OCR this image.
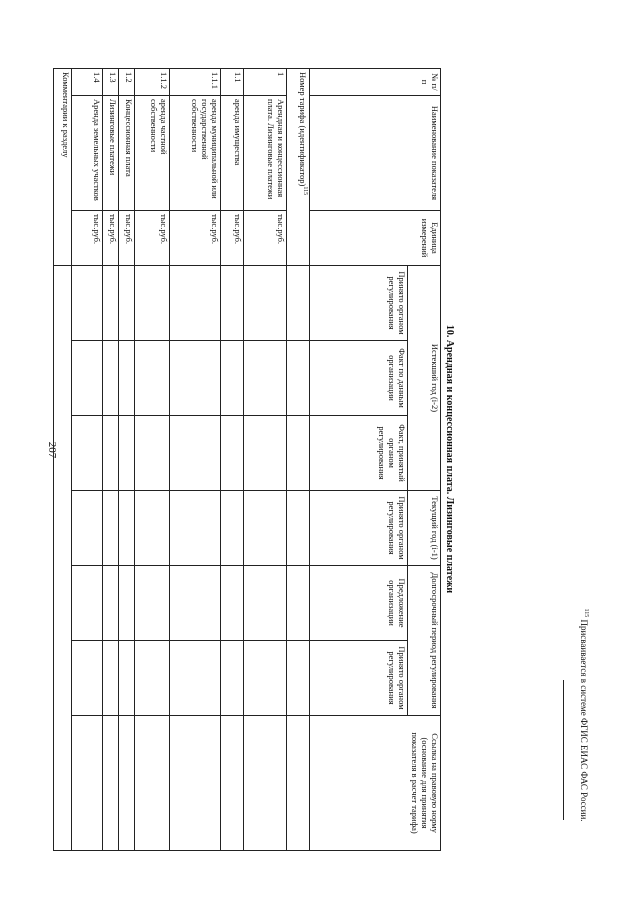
207	10. Арендная и концессионная плата. Лизинговые платежи
№ п/п	Наименование показателя	Единица измерений	Истекший год (i-2)			Текущий год (i-1)	Долгосрочный период регулирования		Ссылка на правовую норму (основание для принятия показателя в расчет тарифа)
			Принято органом регулирования	Факт по данным организации	Факт, принятый органом регулирования	Принято органом регулирования	Предложение организации	Принято органом регулирования	
Номер тарифа (идентификатор)$^{115}$							
1	Арендная и концессионная плата. Лизинговые платежи	тыс.руб.							
1.1	аренда имущества	тыс.руб.							
1.1.1	аренда муниципальной или государственной собственности	тыс.руб.							
1.1.2	аренда частной собственности	тыс.руб.							
1.2	Концессионная плата	тыс.руб.							
1.3	Лизинговые платежи	тыс.руб.							
1.4	Аренда земельных участков	тыс.руб.							
Комментарии к разделу									
$^{115}$ Присваивается в системе ФГИС ЕИАС ФАС России.
